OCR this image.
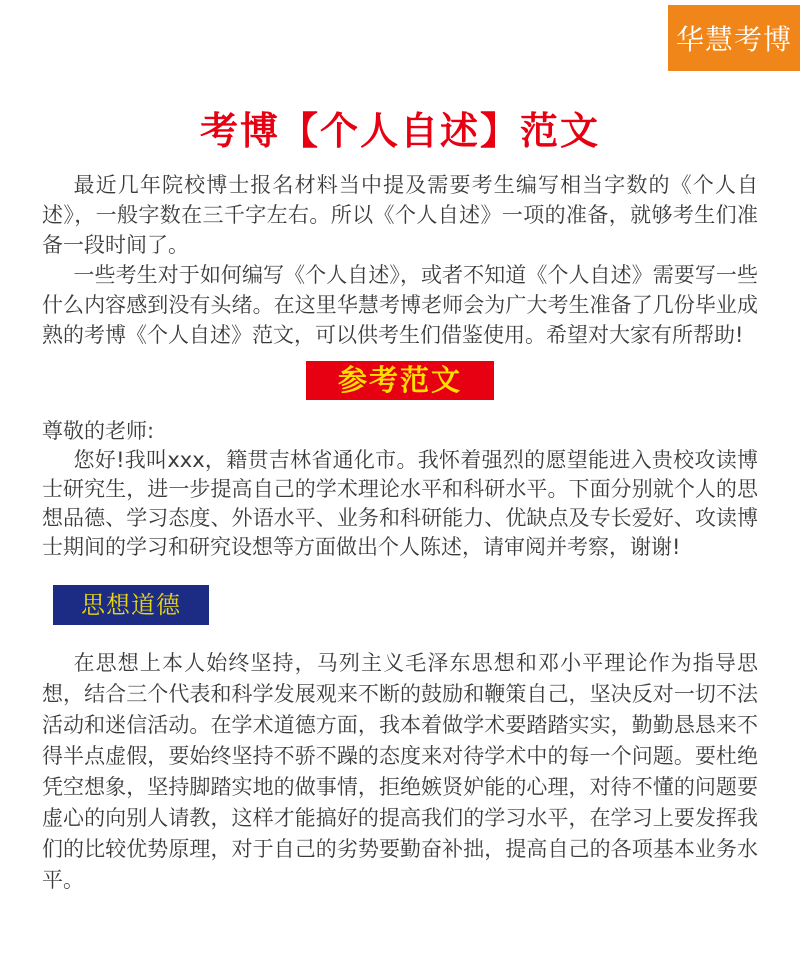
华慧考博
考博【个人自述】范文

最近几年院校博士报名材料当中提及需要考生编写相当字数的《个人自述》，一般字数在三千字左右。所以《个人自述》一项的准备，就够考生们准备一段时间了。

一些考生对于如何编写《个人自述》，或者不知道《个人自述》需要写一些什么内容感到没有头绪。在这里华慧考博老师会为广大考生准备了几份毕业成熟的考博《个人自述》范文，可以供考生们借鉴使用。希望对大家有所帮助!

参考范文

尊敬的老师:

您好!我叫xxx，籍贯吉林省通化市。我怀着强烈的愿望能进入贵校攻读博士研究生，进一步提高自己的学术理论水平和科研水平。下面分别就个人的思想品德、学习态度、外语水平、业务和科研能力、优缺点及专长爱好、攻读博士期间的学习和研究设想等方面做出个人陈述，请审阅并考察，谢谢!

思想道德

在思想上本人始终坚持，马列主义毛泽东思想和邓小平理论作为指导思想，结合三个代表和科学发展观来不断的鼓励和鞭策自己，坚决反对一切不法活动和迷信活动。在学术道德方面，我本着做学术要踏踏实实，勤勤恳恳来不得半点虚假，要始终坚持不骄不躁的态度来对待学术中的每一个问题。要杜绝凭空想象，坚持脚踏实地的做事情，拒绝嫉贤妒能的心理，对待不懂的问题要虚心的向别人请教，这样才能搞好的提高我们的学习水平，在学习上要发挥我们的比较优势原理，对于自己的劣势要勤奋补拙，提高自己的各项基本业务水平。
